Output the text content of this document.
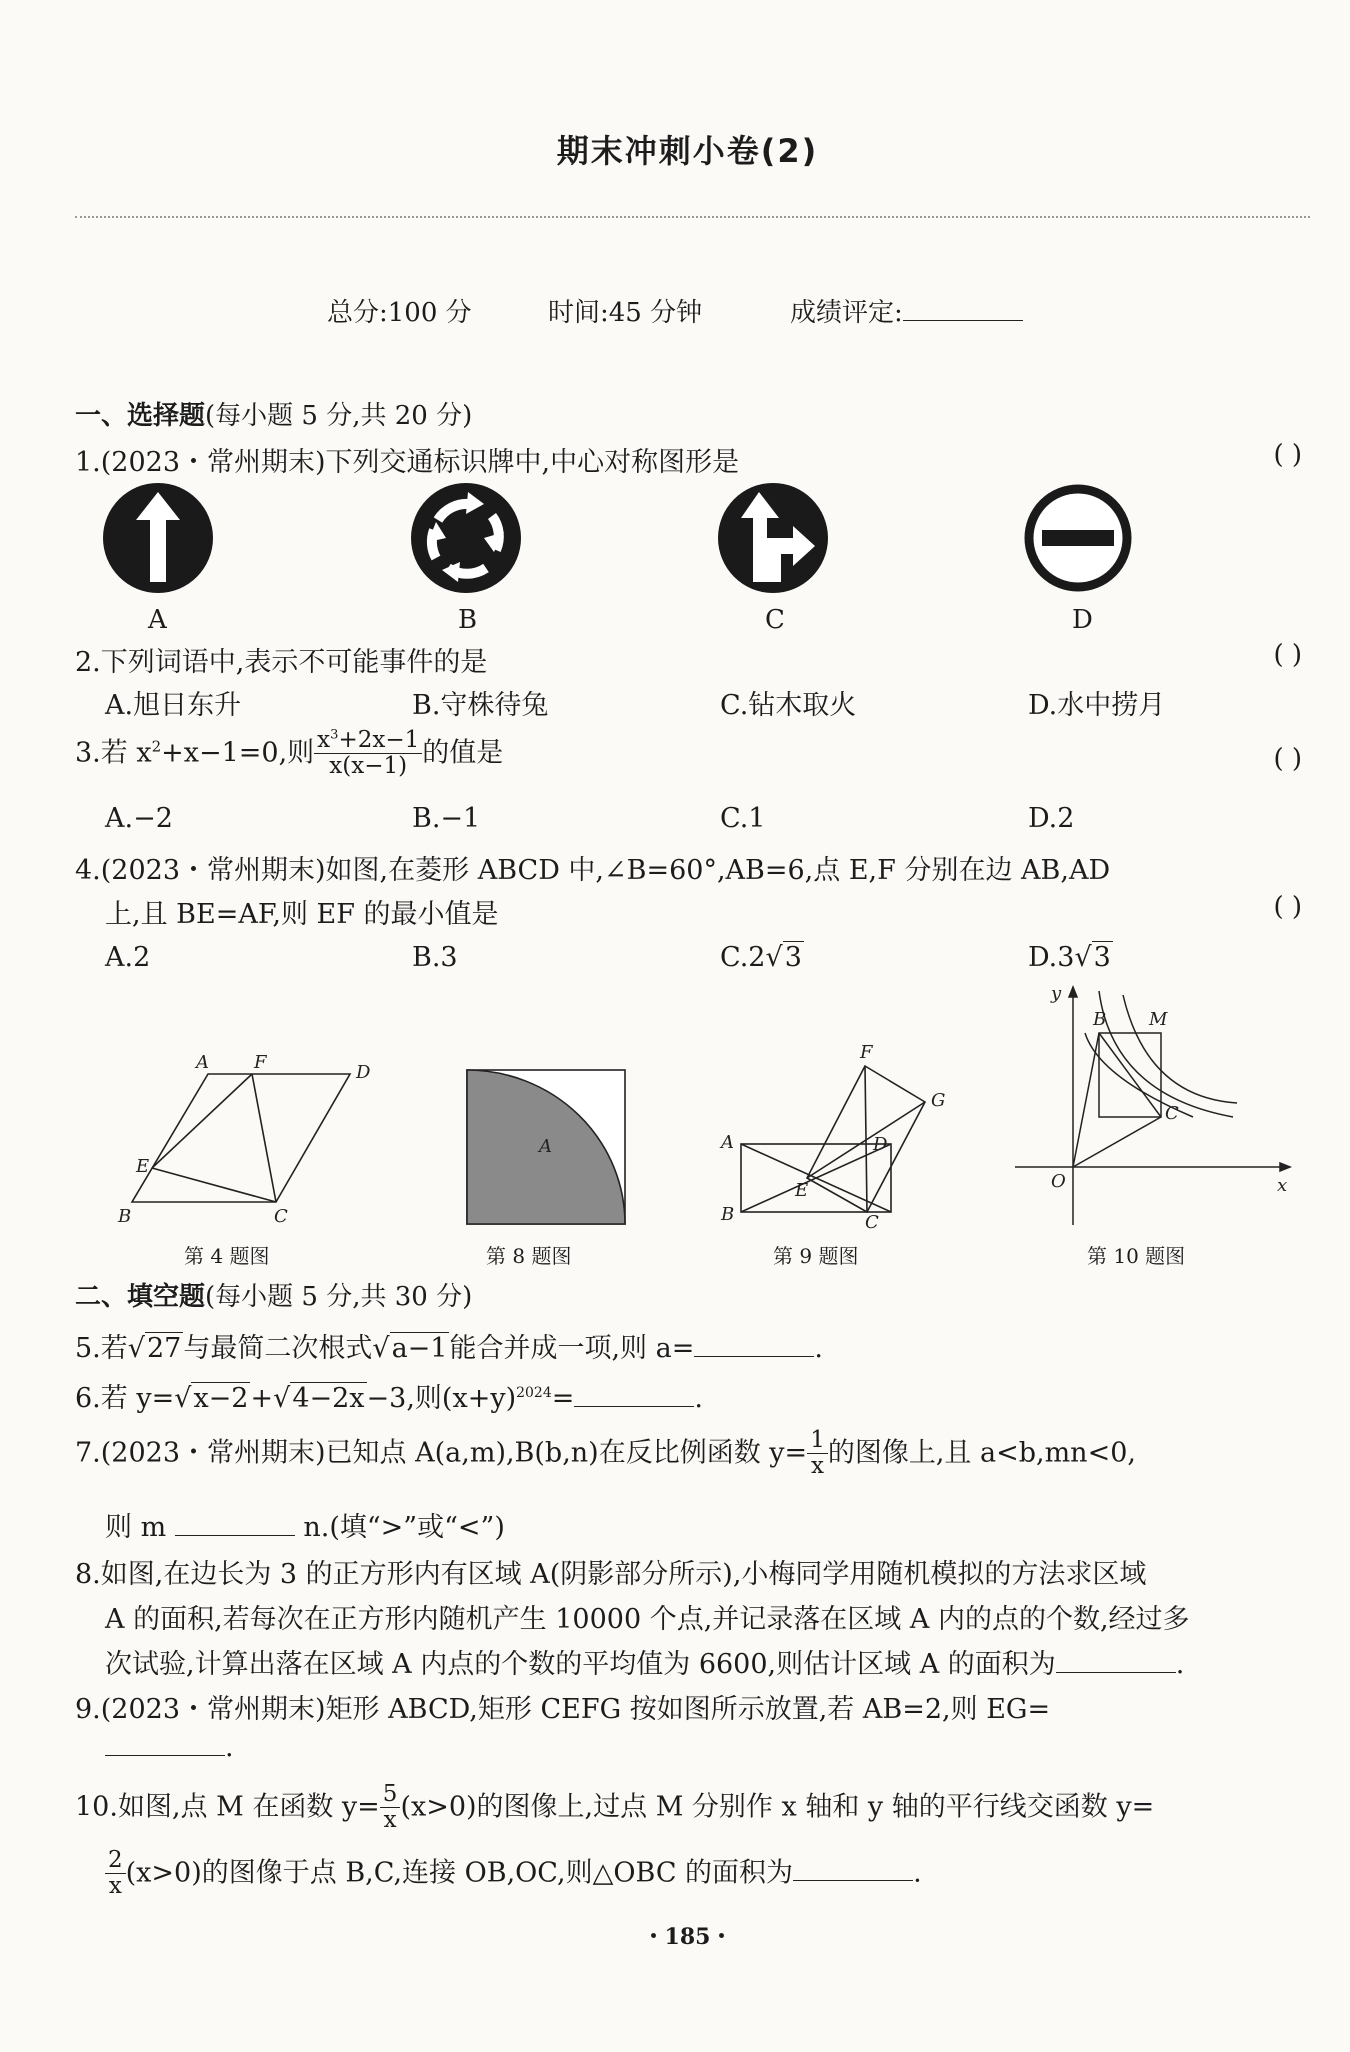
期末冲刺小卷(2)
总分:100 分	时间:45 分钟	成绩评定:
一、选择题(每小题 5 分,共 20 分)
1.(2023・常州期末)下列交通标识牌中,中心对称图形是	( )
A	B	C	D
2.下列词语中,表示不可能事件的是	( )
A.旭日东升	B.守株待兔	C.钻木取火	D.水中捞月
3.若 $x^2+x-1=0$,则 $\frac{x^3+2x-1}{x(x-1)}$ 的值是	( )
A.−2	B.−1	C.1	D.2
4.(2023・常州期末)如图,在菱形 ABCD 中,∠B=60°,AB=6,点 E,F 分别在边 AB,AD
上,且 BE=AF,则 EF 的最小值是	( )
A.2	B.3	C.2√3	D.3√3
A	F	D
E
B	C
第 4 题图
A
第 8 题图
F
G
A	D
E
B	C
第 9 题图
y
B M
C
O	x
第 10 题图
二、填空题(每小题 5 分,共 30 分)
5.若√27与最简二次根式√a−1能合并成一项,则 a=	.
6.若 y=√x−2+√4−2x−3,则$(x+y)^{2024}=$	.
7.(2023・常州期末)已知点 A(a,m),B(b,n)在反比例函数 $y= \frac{1}{x}$ 的图像上,且 a<b,mn<0,
则 m	n.(填“>”或“<”)
8.如图,在边长为 3 的正方形内有区域 A(阴影部分所示),小梅同学用随机模拟的方法求区域
A 的面积,若每次在正方形内随机产生 10000 个点,并记录落在区域 A 内的点的个数,经过多
次试验,计算出落在区域 A 内点的个数的平均值为 6600,则估计区域 A 的面积为	.
9.(2023・常州期末)矩形 ABCD,矩形 CEFG 按如图所示放置,若 AB=2,则 EG=
.
10.如图,点 M 在函数 $y= \frac{5}{x} (x>0)$的图像上,过点 M 分别作 x 轴和 y 轴的平行线交函数 y=
$\frac{2}{x} (x>0)$的图像于点 B,C,连接 OB,OC,则△OBC 的面积为	.
・185・
